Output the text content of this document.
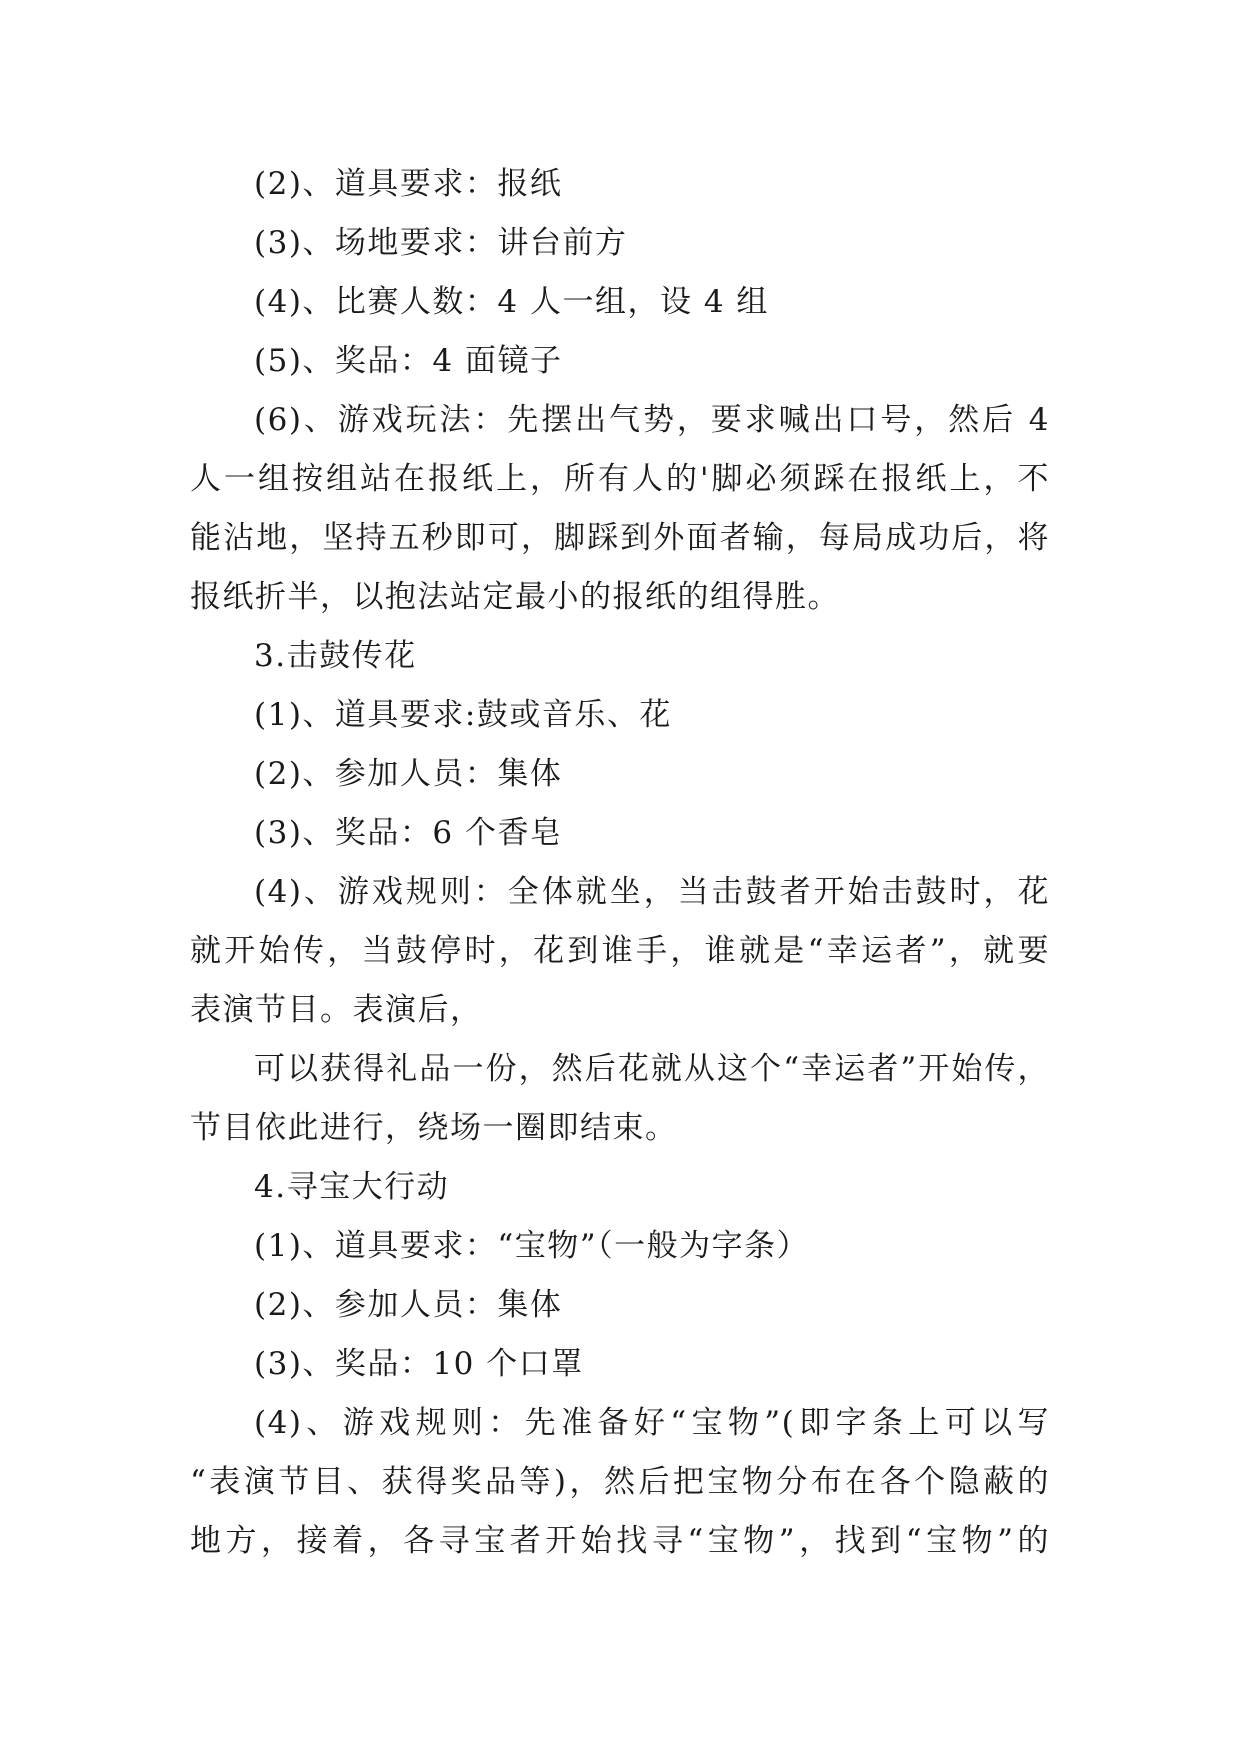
(2)、道具要求：报纸

(3)、场地要求：讲台前方

(4)、比赛人数：4 人一组，设 4 组

(5)、奖品：4 面镜子

(6)、游戏玩法：先摆出气势，要求喊出口号，然后 4
人一组按组站在报纸上，所有人的'脚必须踩在报纸上，不
能沾地，坚持五秒即可，脚踩到外面者输，每局成功后，将
报纸折半，以抱法站定最小的报纸的组得胜。

3.击鼓传花

(1)、道具要求:鼓或音乐、花

(2)、参加人员：集体

(3)、奖品：6 个香皂

(4)、游戏规则：全体就坐，当击鼓者开始击鼓时，花
就开始传，当鼓停时，花到谁手，谁就是“幸运者”，就要
表演节目。表演后，

可以获得礼品一份，然后花就从这个“幸运者”开始传，
节目依此进行，绕场一圈即结束。

4.寻宝大行动

(1)、道具要求：“宝物”（一般为字条）

(2)、参加人员：集体

(3)、奖品：10 个口罩

(4)、游戏规则：先准备好“宝物”(即字条上可以写
“表演节目、获得奖品等)，然后把宝物分布在各个隐蔽的
地方，接着，各寻宝者开始找寻“宝物”，找到“宝物”的
